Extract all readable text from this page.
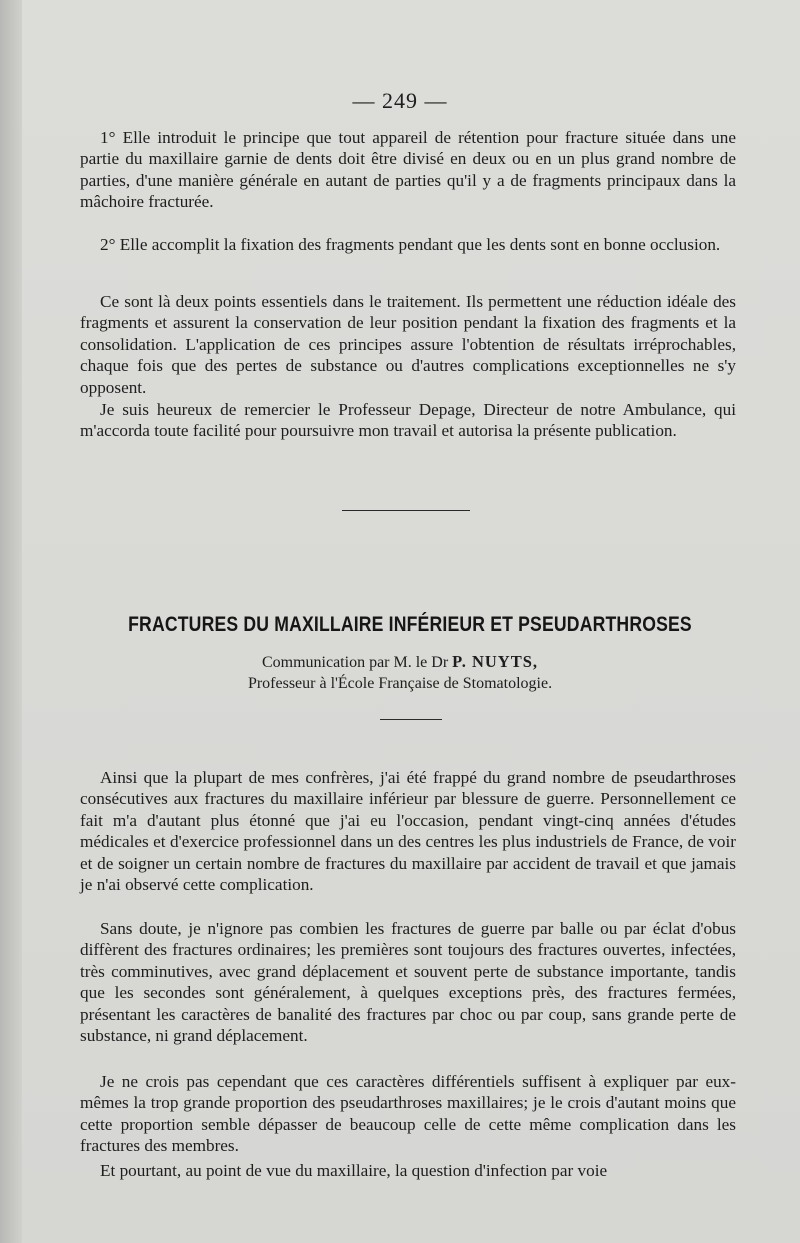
— 249 —

1° Elle introduit le principe que tout appareil de rétention pour fracture située dans une partie du maxillaire garnie de dents doit être divisé en deux ou en un plus grand nombre de parties, d'une manière générale en autant de parties qu'il y a de fragments principaux dans la mâchoire fracturée.

2° Elle accomplit la fixation des fragments pendant que les dents sont en bonne occlusion.

Ce sont là deux points essentiels dans le traitement. Ils permettent une réduction idéale des fragments et assurent la conservation de leur position pendant la fixation des fragments et la consolidation. L'application de ces principes assure l'obtention de résultats irréprochables, chaque fois que des pertes de substance ou d'autres complications exceptionnelles ne s'y opposent.

Je suis heureux de remercier le Professeur Depage, Directeur de notre Ambulance, qui m'accorda toute facilité pour poursuivre mon travail et autorisa la présente publication.

FRACTURES DU MAXILLAIRE INFÉRIEUR ET PSEUDARTHROSES
Communication par M. le Dr P. NUYTS,
Professeur à l'École Française de Stomatologie.

Ainsi que la plupart de mes confrères, j'ai été frappé du grand nombre de pseudarthroses consécutives aux fractures du maxillaire inférieur par blessure de guerre. Personnellement ce fait m'a d'autant plus étonné que j'ai eu l'occasion, pendant vingt-cinq années d'études médicales et d'exercice professionnel dans un des centres les plus industriels de France, de voir et de soigner un certain nombre de fractures du maxillaire par accident de travail et que jamais je n'ai observé cette complication.

Sans doute, je n'ignore pas combien les fractures de guerre par balle ou par éclat d'obus diffèrent des fractures ordinaires; les premières sont toujours des fractures ouvertes, infectées, très comminutives, avec grand déplacement et souvent perte de substance importante, tandis que les secondes sont généralement, à quelques exceptions près, des fractures fermées, présentant les caractères de banalité des fractures par choc ou par coup, sans grande perte de substance, ni grand déplacement.

Je ne crois pas cependant que ces caractères différentiels suffisent à expliquer par eux-mêmes la trop grande proportion des pseudarthroses maxillaires; je le crois d'autant moins que cette proportion semble dépasser de beaucoup celle de cette même complication dans les fractures des membres.

Et pourtant, au point de vue du maxillaire, la question d'infection par voie
